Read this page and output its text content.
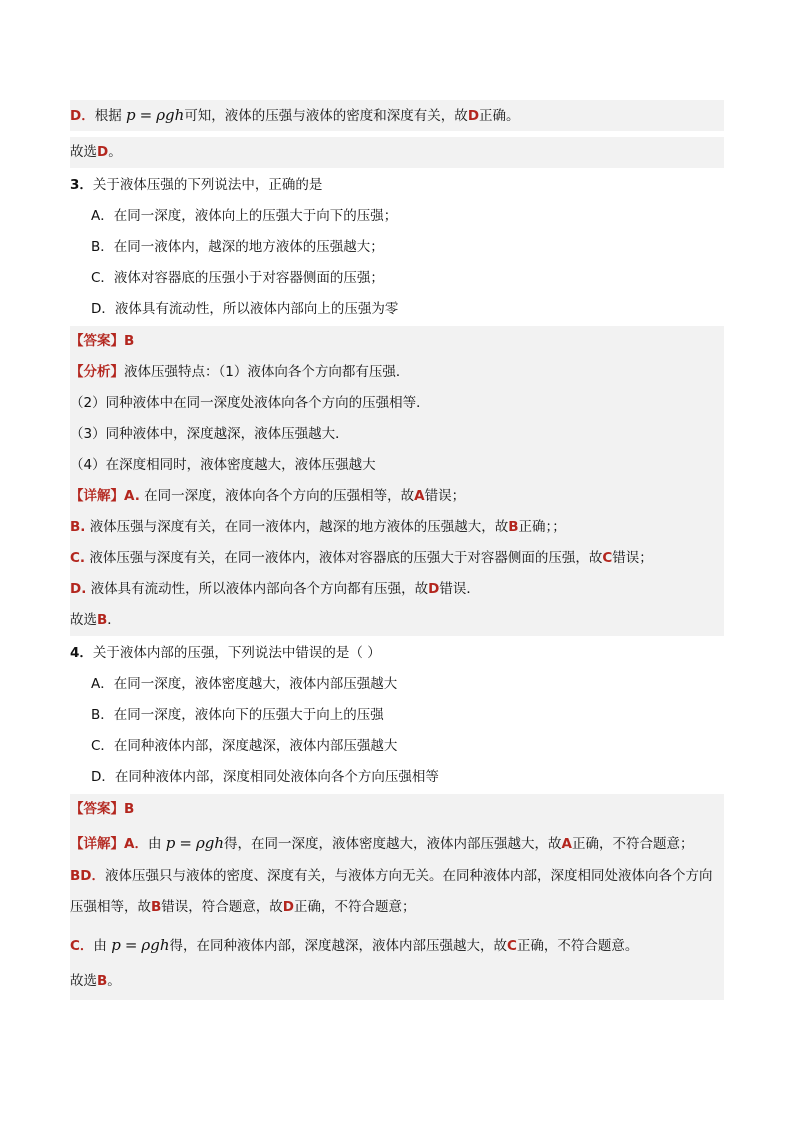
D．根据 p = ρgh可知，液体的压强与液体的密度和深度有关，故D正确。
故选D。
3．关于液体压强的下列说法中，正确的是
A．在同一深度，液体向上的压强大于向下的压强；
B．在同一液体内，越深的地方液体的压强越大；
C．液体对容器底的压强小于对容器侧面的压强；
D．液体具有流动性，所以液体内部向上的压强为零
【答案】B
【分析】液体压强特点：（1）液体向各个方向都有压强．
（2）同种液体中在同一深度处液体向各个方向的压强相等．
（3）同种液体中，深度越深，液体压强越大．
（4）在深度相同时，液体密度越大，液体压强越大
【详解】A. 在同一深度，液体向各个方向的压强相等，故A错误；
B. 液体压强与深度有关，在同一液体内，越深的地方液体的压强越大，故B正确；；
C. 液体压强与深度有关，在同一液体内，液体对容器底的压强大于对容器侧面的压强，故C错误；
D. 液体具有流动性，所以液体内部向各个方向都有压强，故D错误．
故选B．
4．关于液体内部的压强，下列说法中错误的是（ ）
A．在同一深度，液体密度越大，液体内部压强越大
B．在同一深度，液体向下的压强大于向上的压强
C．在同种液体内部，深度越深，液体内部压强越大
D．在同种液体内部，深度相同处液体向各个方向压强相等
【答案】B
【详解】A．由 p = ρgh得，在同一深度，液体密度越大，液体内部压强越大，故A正确，不符合题意；
BD．液体压强只与液体的密度、深度有关，与液体方向无关。在同种液体内部，深度相同处液体向各个方向压强相等，故B错误，符合题意，故D正确，不符合题意；
C．由 p = ρgh得，在同种液体内部，深度越深，液体内部压强越大，故C正确，不符合题意。
故选B。
